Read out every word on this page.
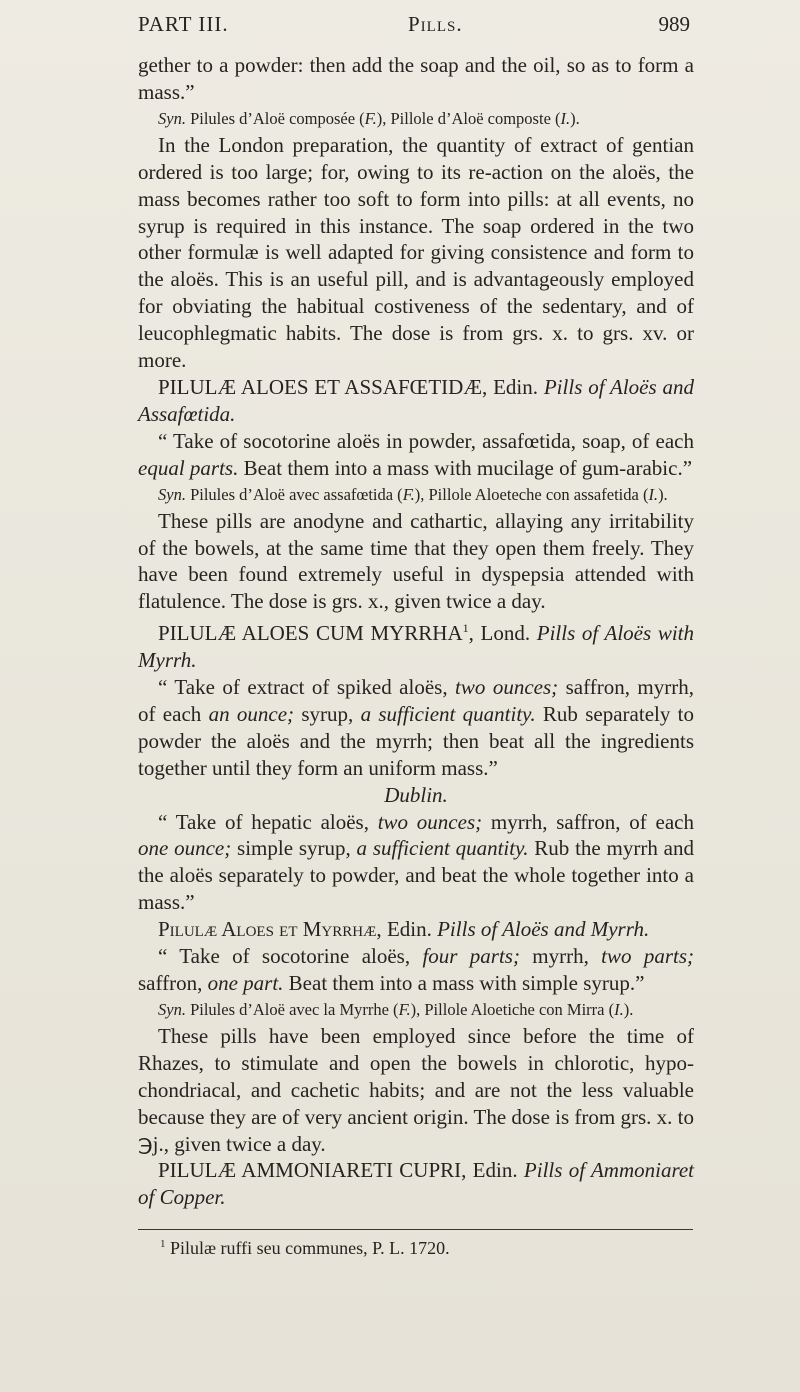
PART III.	Pills.	989

gether to a powder: then add the soap and the oil, so as to form a mass.”

Syn. Pilules d’Aloë composée (F.), Pillole d’Aloë composte (I.).

In the London preparation, the quantity of extract of gentian ordered is too large; for, owing to its re-action on the aloës, the mass becomes rather too soft to form into pills: at all events, no syrup is required in this instance. The soap ordered in the two other formulæ is well adapted for giving consistence and form to the aloës. This is an useful pill, and is advantageously employed for obviating the habitual costiveness of the sedentary, and of leucophlegmatic habits. The dose is from grs. x. to grs. xv. or more.

PILULÆ ALOES ET ASSAFŒTIDÆ, Edin. Pills of Aloës and Assafœtida.

“ Take of socotorine aloës in powder, assafœtida, soap, of each equal parts. Beat them into a mass with mucilage of gum-arabic.”

Syn. Pilules d’Aloë avec assafœtida (F.), Pillole Aloeteche con assafetida (I.).

These pills are anodyne and cathartic, allaying any irritability of the bowels, at the same time that they open them freely. They have been found extremely useful in dyspepsia attended with flatulence. The dose is grs. x., given twice a day.

PILULÆ ALOES CUM MYRRHA$^1$, Lond. Pills of Aloës with Myrrh.

“ Take of extract of spiked aloës, two ounces; saffron, myrrh, of each an ounce; syrup, a sufficient quantity. Rub separately to powder the aloës and the myrrh; then beat all the ingredients together until they form an uniform mass.”

Dublin.

“ Take of hepatic aloës, two ounces; myrrh, saffron, of each one ounce; simple syrup, a sufficient quantity. Rub the myrrh and the aloës separately to powder, and beat the whole together into a mass.”

Pilulæ Aloes et Myrrhæ, Edin. Pills of Aloës and Myrrh.

“ Take of socotorine aloës, four parts; myrrh, two parts; saffron, one part. Beat them into a mass with simple syrup.”

Syn. Pilules d’Aloë avec la Myrrhe (F.), Pillole Aloetiche con Mirra (I.).

These pills have been employed since before the time of Rhazes, to stimulate and open the bowels in chlorotic, hypochondriacal, and cachetic habits; and are not the less valuable because they are of very ancient origin. The dose is from grs. x. to ℈j., given twice a day.

PILULÆ AMMONIARETI CUPRI, Edin. Pills of Ammoniaret of Copper.

$^1$ Pilulæ ruffi seu communes, P. L. 1720.
